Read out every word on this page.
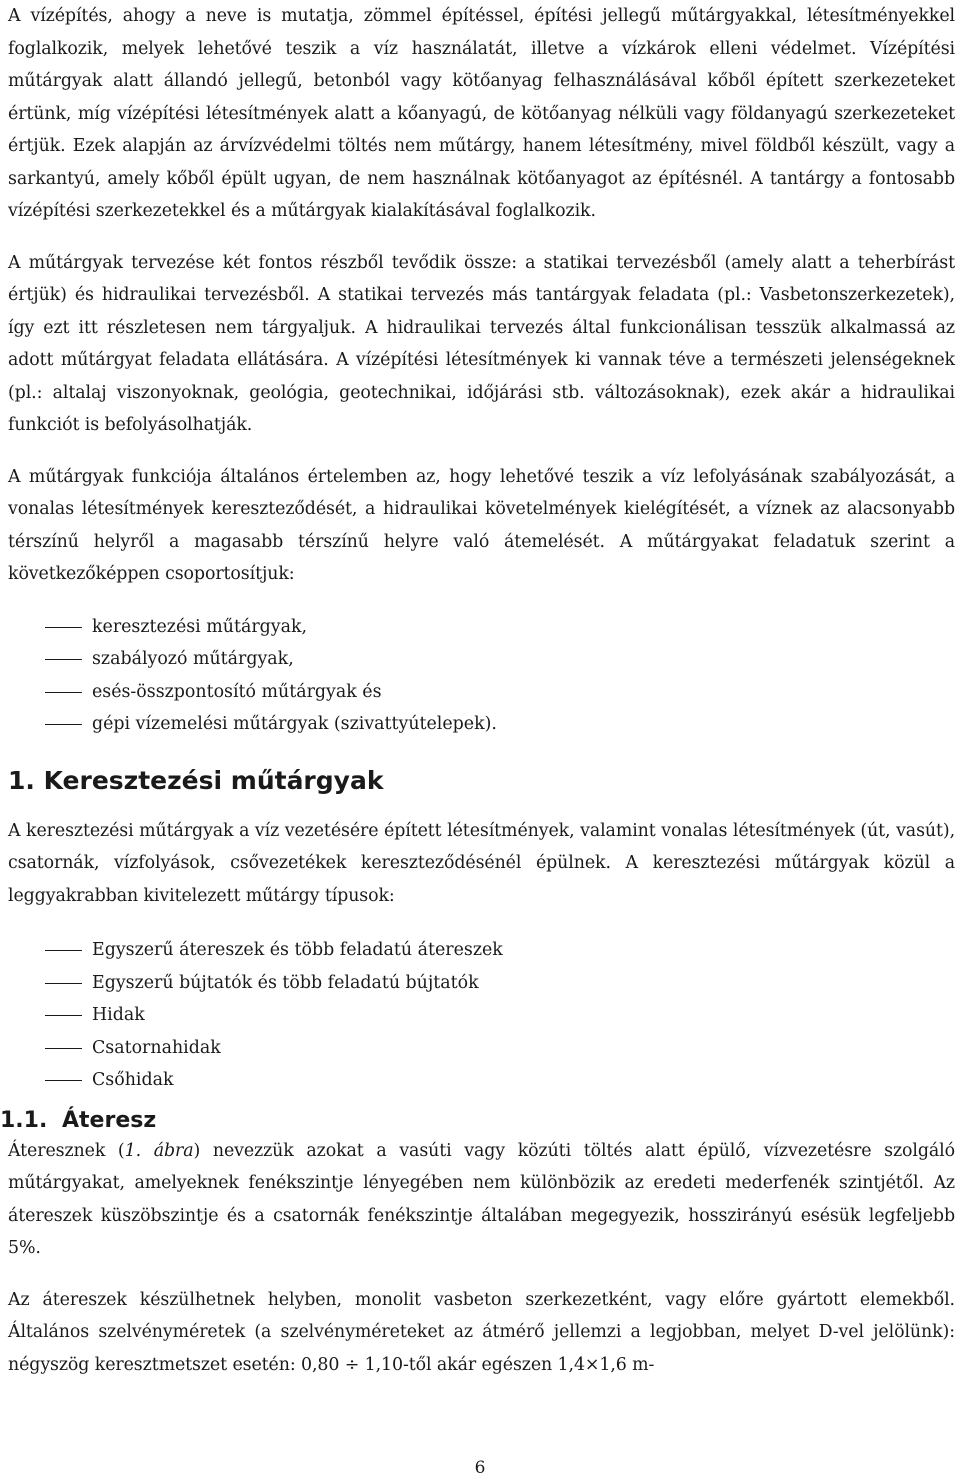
A vízépítés, ahogy a neve is mutatja, zömmel építéssel, építési jellegű műtárgyakkal, létesítményekkel foglalkozik, melyek lehetővé teszik a víz használatát, illetve a vízkárok elleni védelmet. Vízépítési műtárgyak alatt állandó jellegű, betonból vagy kötőanyag felhasználásával kőből épített szerkezeteket értünk, míg vízépítési létesítmények alatt a kőanyagú, de kötőanyag nélküli vagy földanyagú szerkezeteket értjük. Ezek alapján az árvízvédelmi töltés nem műtárgy, hanem létesítmény, mivel földből készült, vagy a sarkantyú, amely kőből épült ugyan, de nem használnak kötőanyagot az építésnél. A tantárgy a fontosabb vízépítési szerkezetekkel és a műtárgyak kialakításával foglalkozik.

A műtárgyak tervezése két fontos részből tevődik össze: a statikai tervezésből (amely alatt a teherbírást értjük) és hidraulikai tervezésből. A statikai tervezés más tantárgyak feladata (pl.: Vasbetonszerkezetek), így ezt itt részletesen nem tárgyaljuk. A hidraulikai tervezés által funkcionálisan tesszük alkalmassá az adott műtárgyat feladata ellátására. A vízépítési létesítmények ki vannak téve a természeti jelenségeknek (pl.: altalaj viszonyoknak, geológia, geotechnikai, időjárási stb. változásoknak), ezek akár a hidraulikai funkciót is befolyásolhatják.

A műtárgyak funkciója általános értelemben az, hogy lehetővé teszik a víz lefolyásának szabályozását, a vonalas létesítmények kereszteződését, a hidraulikai követelmények kielégítését, a víznek az alacsonyabb térszínű helyről a magasabb térszínű helyre való átemelését. A műtárgyakat feladatuk szerint a következőképpen csoportosítjuk:

keresztezési műtárgyak,
szabályozó műtárgyak,
esés-összpontosító műtárgyak és
gépi vízemelési műtárgyak (szivattyútelepek).
1. Keresztezési műtárgyak

A keresztezési műtárgyak a víz vezetésére épített létesítmények, valamint vonalas létesítmények (út, vasút), csatornák, vízfolyások, csővezetékek kereszteződésénél épülnek. A keresztezési műtárgyak közül a leggyakrabban kivitelezett műtárgy típusok:

Egyszerű átereszek és több feladatú átereszek
Egyszerű bújtatók és több feladatú bújtatók
Hidak
Csatornahidak
Csőhidak
1.1. Áteresz

Áteresznek (1. ábra) nevezzük azokat a vasúti vagy közúti töltés alatt épülő, vízvezetésre szolgáló műtárgyakat, amelyeknek fenékszintje lényegében nem különbözik az eredeti mederfenék szintjétől. Az átereszek küszöbszintje és a csatornák fenékszintje általában megegyezik, hosszirányú esésük legfeljebb 5%.

Az átereszek készülhetnek helyben, monolit vasbeton szerkezetként, vagy előre gyártott elemekből. Általános szelvényméretek (a szelvényméreteket az átmérő jellemzi a legjobban, melyet D-vel jelölünk): négyszög keresztmetszet esetén: 0,80 ÷ 1,10-től akár egészen 1,4×1,6 m-

6
